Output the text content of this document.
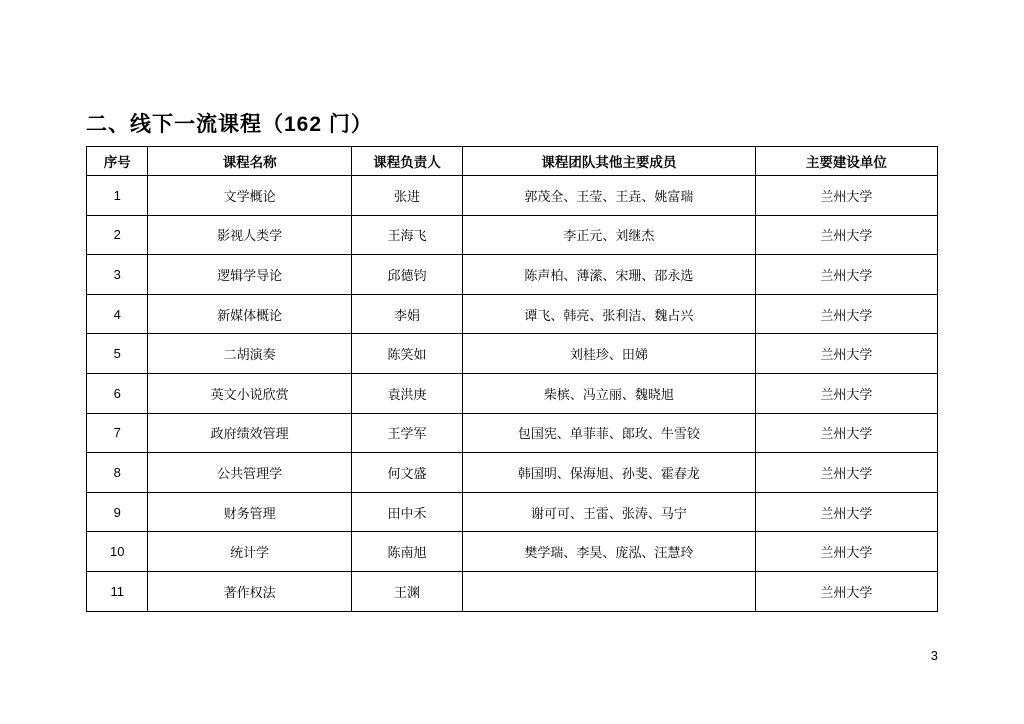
二、线下一流课程（162 门）
序号	课程名称	课程负责人	课程团队其他主要成员	主要建设单位
1	文学概论	张进	郭茂全、王莹、王垚、姚富瑞	兰州大学
2	影视人类学	王海飞	李正元、刘继杰	兰州大学
3	逻辑学导论	邱德钧	陈声柏、薄潆、宋珊、邵永选	兰州大学
4	新媒体概论	李娟	谭飞、韩亮、张利洁、魏占兴	兰州大学
5	二胡演奏	陈笑如	刘桂珍、田娣	兰州大学
6	英文小说欣赏	袁洪庚	柴槟、冯立丽、魏晓旭	兰州大学
7	政府绩效管理	王学军	包国宪、单菲菲、郎玫、牛雪铰	兰州大学
8	公共管理学	何文盛	韩国明、保海旭、孙斐、霍春龙	兰州大学
9	财务管理	田中禾	谢可可、王雷、张涛、马宁	兰州大学
10	统计学	陈南旭	樊学瑞、李昊、庞泓、汪慧玲	兰州大学
11	著作权法	王渊		兰州大学
3
